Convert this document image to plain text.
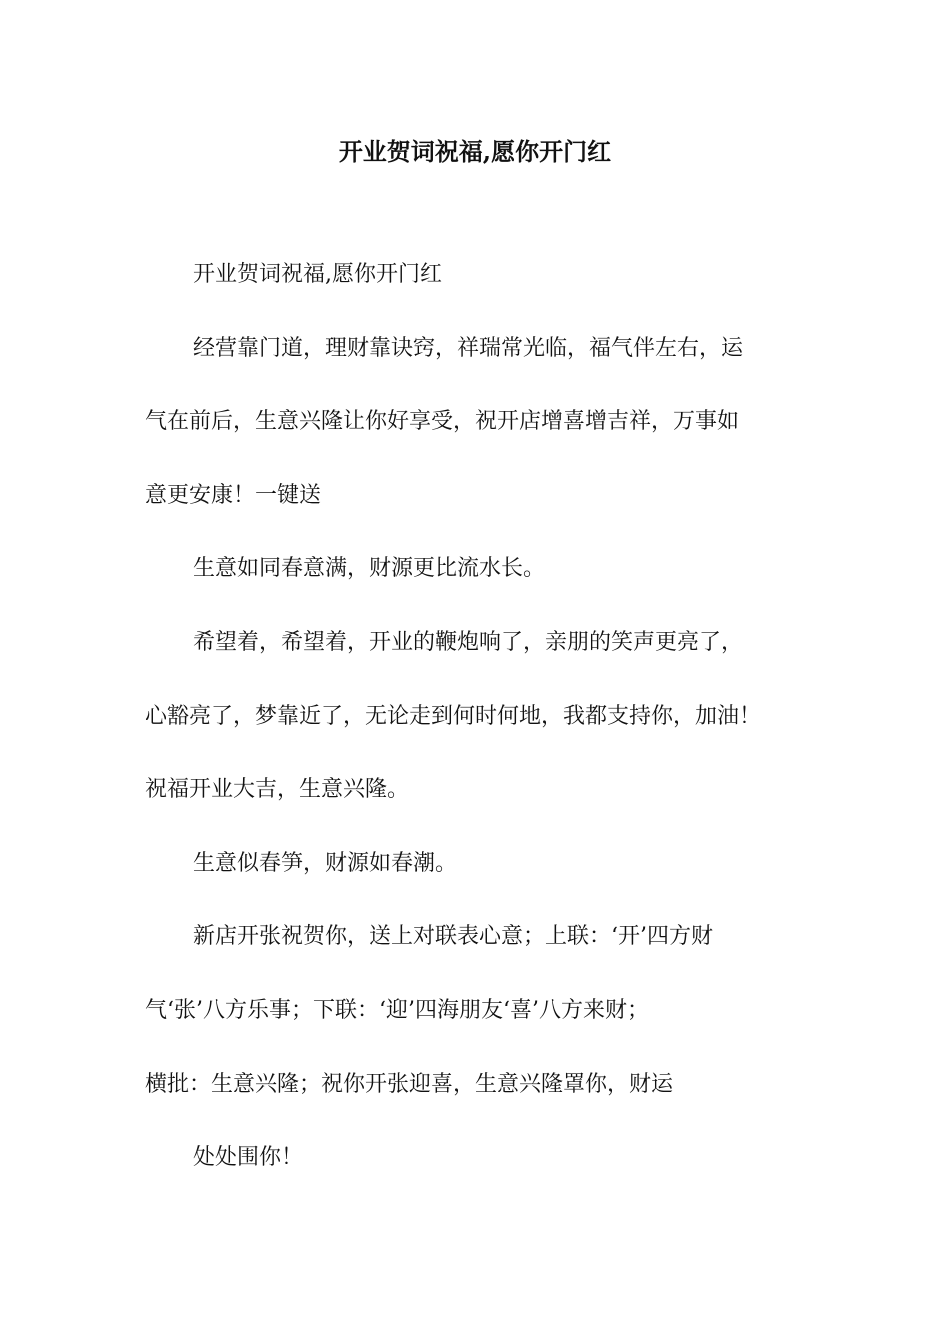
开业贺词祝福,愿你开门红
开业贺词祝福,愿你开门红
经营靠门道，理财靠诀窍，祥瑞常光临，福气伴左右，运
气在前后，生意兴隆让你好享受，祝开店增喜增吉祥，万事如
意更安康！一键送
生意如同春意满，财源更比流水长。
希望着，希望着，开业的鞭炮响了，亲朋的笑声更亮了，
心豁亮了，梦靠近了，无论走到何时何地，我都支持你，加油！
祝福开业大吉，生意兴隆。
生意似春笋，财源如春潮。
新店开张祝贺你，送上对联表心意；上联：‘开’四方财
气‘张’八方乐事；下联：‘迎’四海朋友‘喜’八方来财；
横批：生意兴隆；祝你开张迎喜，生意兴隆罩你，财运
处处围你！
